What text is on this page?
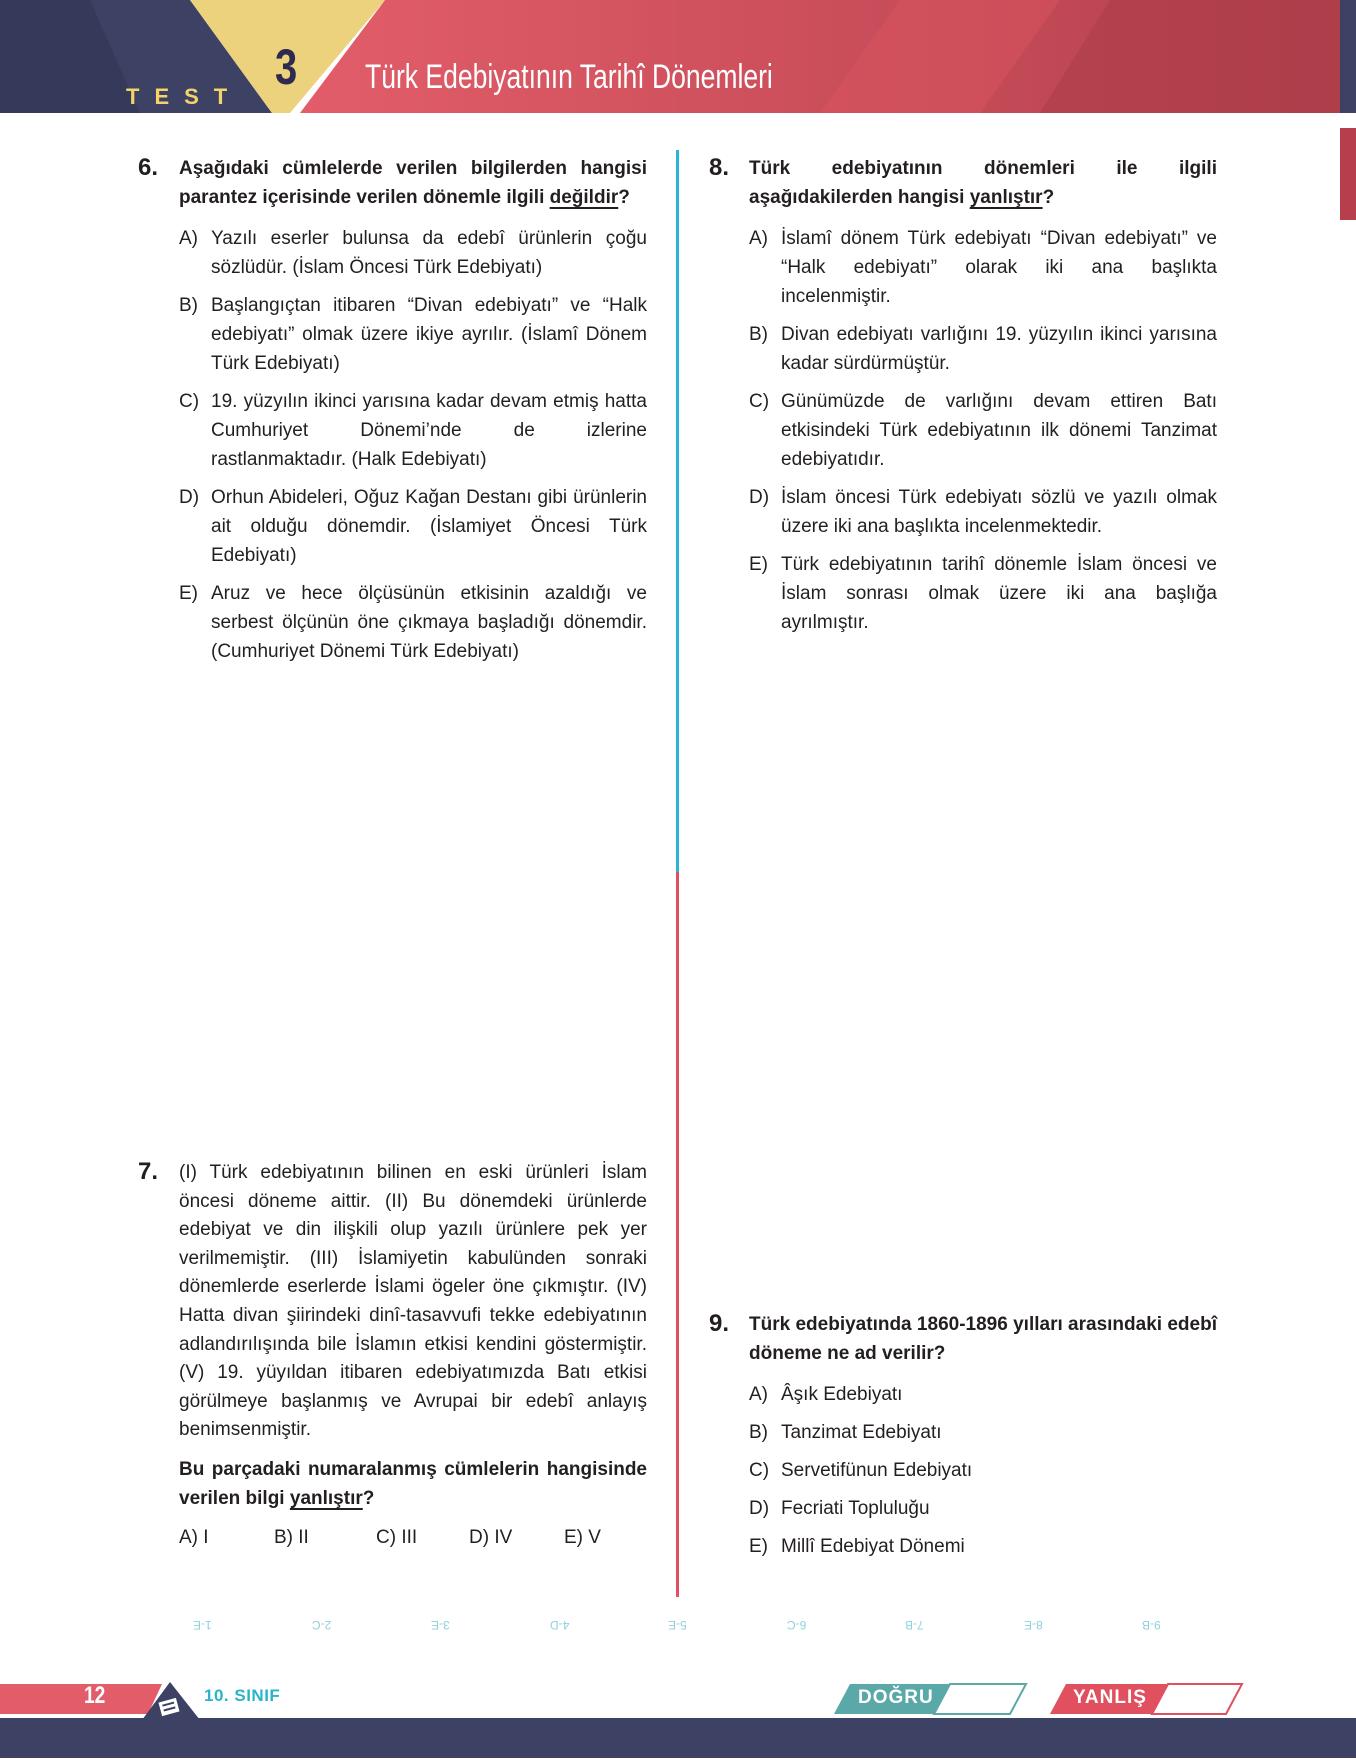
TEST
3 Türk Edebiyatının Tarihî Dönemleri
6. Aşağıdaki cümlelerde verilen bilgilerden hangisi parantez içerisinde verilen dönemle ilgili değildir?
A) Yazılı eserler bulunsa da edebî ürünlerin çoğu sözlüdür. (İslam Öncesi Türk Edebiyatı)
B) Başlangıçtan itibaren “Divan edebiyatı” ve “Halk edebiyatı” olmak üzere ikiye ayrılır. (İslamî Dönem Türk Edebiyatı)
C) 19. yüzyılın ikinci yarısına kadar devam etmiş hatta Cumhuriyet Dönemi’nde de izlerine rastlanmaktadır. (Halk Edebiyatı)
D) Orhun Abideleri, Oğuz Kağan Destanı gibi ürünlerin ait olduğu dönemdir. (İslamiyet Öncesi Türk Edebiyatı)
E) Aruz ve hece ölçüsünün etkisinin azaldığı ve serbest ölçünün öne çıkmaya başladığı dönemdir. (Cumhuriyet Dönemi Türk Edebiyatı)
7. (I) Türk edebiyatının bilinen en eski ürünleri İslam öncesi döneme aittir. (II) Bu dönemdeki ürünlerde edebiyat ve din ilişkili olup yazılı ürünlere pek yer verilmemiştir. (III) İslamiyetin kabulünden sonraki dönemlerde eserlerde İslami ögeler öne çıkmıştır. (IV) Hatta divan şiirindeki dinî-tasavvufi tekke edebiyatının adlandırılışında bile İslamın etkisi kendini göstermiştir. (V) 19. yüyıldan itibaren edebiyatımızda Batı etkisi görülmeye başlanmış ve Avrupai bir edebî anlayış benimsenmiştir.
Bu parçadaki numaralanmış cümlelerin hangisinde verilen bilgi yanlıştır?
A) I	B) II	C) III	D) IV	E) V
8. Türk edebiyatının dönemleri ile ilgili aşağıdakilerden hangisi yanlıştır?
A) İslamî dönem Türk edebiyatı “Divan edebiyatı” ve “Halk edebiyatı” olarak iki ana başlıkta incelenmiştir.
B) Divan edebiyatı varlığını 19. yüzyılın ikinci yarısına kadar sürdürmüştür.
C) Günümüzde de varlığını devam ettiren Batı etkisindeki Türk edebiyatının ilk dönemi Tanzimat edebiyatıdır.
D) İslam öncesi Türk edebiyatı sözlü ve yazılı olmak üzere iki ana başlıkta incelenmektedir.
E) Türk edebiyatının tarihî dönemle İslam öncesi ve İslam sonrası olmak üzere iki ana başlığa ayrılmıştır.
9. Türk edebiyatında 1860-1896 yılları arasındaki edebî döneme ne ad verilir?
A) Âşık Edebiyatı
B) Tanzimat Edebiyatı
C) Servetifünun Edebiyatı
D) Fecriati Topluluğu
E) Millî Edebiyat Dönemi
1-E	2-C	3-E	4-D	5-E	6-C	7-B	8-E	9-B
12	10. SINIF	DOĞRU	YANLIŞ
